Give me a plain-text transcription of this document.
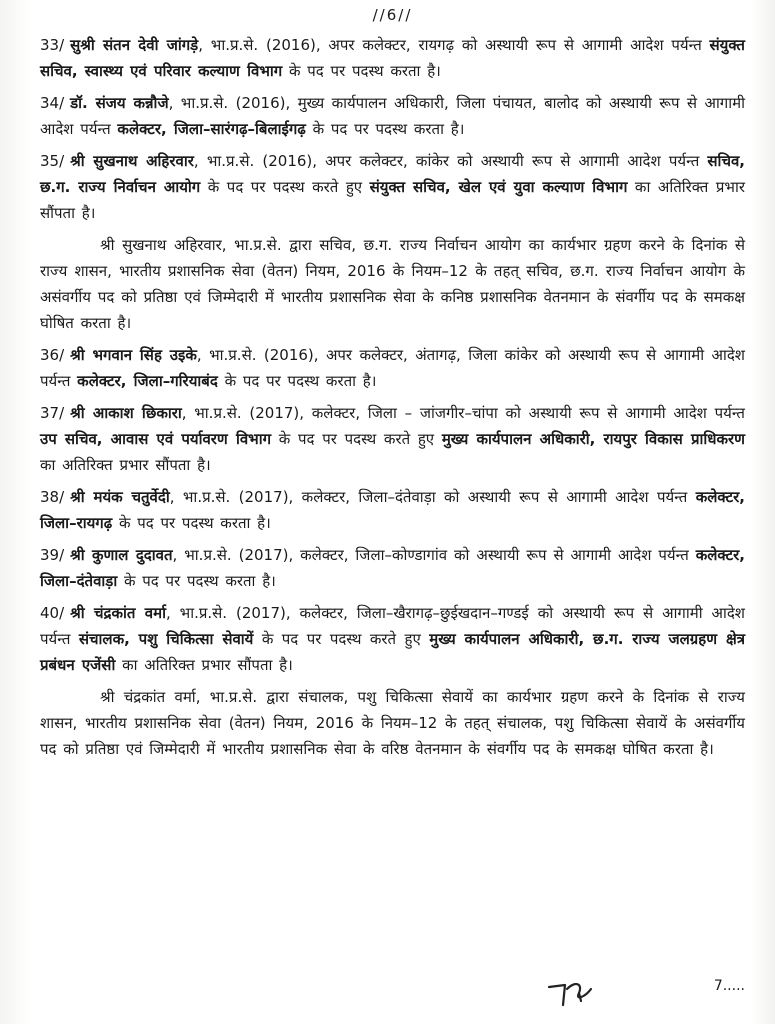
//6//

33/ सुश्री संतन देवी जांगड़े, भा.प्र.से. (2016), अपर कलेक्टर, रायगढ़ को अस्थायी रूप से आगामी आदेश पर्यन्त संयुक्त सचिव, स्वास्थ्य एवं परिवार कल्याण विभाग के पद पर पदस्थ करता है।

34/ डॉ. संजय कन्नौजे, भा.प्र.से. (2016), मुख्य कार्यपालन अधिकारी, जिला पंचायत, बालोद को अस्थायी रूप से आगामी आदेश पर्यन्त कलेक्टर, जिला–सारंगढ़–बिलाईगढ़ के पद पर पदस्थ करता है।

35/ श्री सुखनाथ अहिरवार, भा.प्र.से. (2016), अपर कलेक्टर, कांकेर को अस्थायी रूप से आगामी आदेश पर्यन्त सचिव, छ.ग. राज्य निर्वाचन आयोग के पद पर पदस्थ करते हुए संयुक्त सचिव, खेल एवं युवा कल्याण विभाग का अतिरिक्त प्रभार सौंपता है।

श्री सुखनाथ अहिरवार, भा.प्र.से. द्वारा सचिव, छ.ग. राज्य निर्वाचन आयोग का कार्यभार ग्रहण करने के दिनांक से राज्य शासन, भारतीय प्रशासनिक सेवा (वेतन) नियम, 2016 के नियम–12 के तहत् सचिव, छ.ग. राज्य निर्वाचन आयोग के असंवर्गीय पद को प्रतिष्ठा एवं जिम्मेदारी में भारतीय प्रशासनिक सेवा के कनिष्ठ प्रशासनिक वेतनमान के संवर्गीय पद के समकक्ष घोषित करता है।

36/ श्री भगवान सिंह उइके, भा.प्र.से. (2016), अपर कलेक्टर, अंतागढ़, जिला कांकेर को अस्थायी रूप से आगामी आदेश पर्यन्त कलेक्टर, जिला–गरियाबंद के पद पर पदस्थ करता है।

37/ श्री आकाश छिकारा, भा.प्र.से. (2017), कलेक्टर, जिला – जांजगीर–चांपा को अस्थायी रूप से आगामी आदेश पर्यन्त उप सचिव, आवास एवं पर्यावरण विभाग के पद पर पदस्थ करते हुए मुख्य कार्यपालन अधिकारी, रायपुर विकास प्राधिकरण का अतिरिक्त प्रभार सौंपता है।

38/ श्री मयंक चतुर्वेदी, भा.प्र.से. (2017), कलेक्टर, जिला–दंतेवाड़ा को अस्थायी रूप से आगामी आदेश पर्यन्त कलेक्टर, जिला–रायगढ़ के पद पर पदस्थ करता है।

39/ श्री कुणाल दुदावत, भा.प्र.से. (2017), कलेक्टर, जिला–कोण्डागांव को अस्थायी रूप से आगामी आदेश पर्यन्त कलेक्टर, जिला–दंतेवाड़ा के पद पर पदस्थ करता है।

40/ श्री चंद्रकांत वर्मा, भा.प्र.से. (2017), कलेक्टर, जिला–खैरागढ़–छुईखदान–गण्डई को अस्थायी रूप से आगामी आदेश पर्यन्त संचालक, पशु चिकित्सा सेवायें के पद पर पदस्थ करते हुए मुख्य कार्यपालन अधिकारी, छ.ग. राज्य जलग्रहण क्षेत्र प्रबंधन एजेंसी का अतिरिक्त प्रभार सौंपता है।

श्री चंद्रकांत वर्मा, भा.प्र.से. द्वारा संचालक, पशु चिकित्सा सेवायें का कार्यभार ग्रहण करने के दिनांक से राज्य शासन, भारतीय प्रशासनिक सेवा (वेतन) नियम, 2016 के नियम–12 के तहत् संचालक, पशु चिकित्सा सेवायें के असंवर्गीय पद को प्रतिष्ठा एवं जिम्मेदारी में भारतीय प्रशासनिक सेवा के वरिष्ठ वेतनमान के संवर्गीय पद के समकक्ष घोषित करता है।

7.....
